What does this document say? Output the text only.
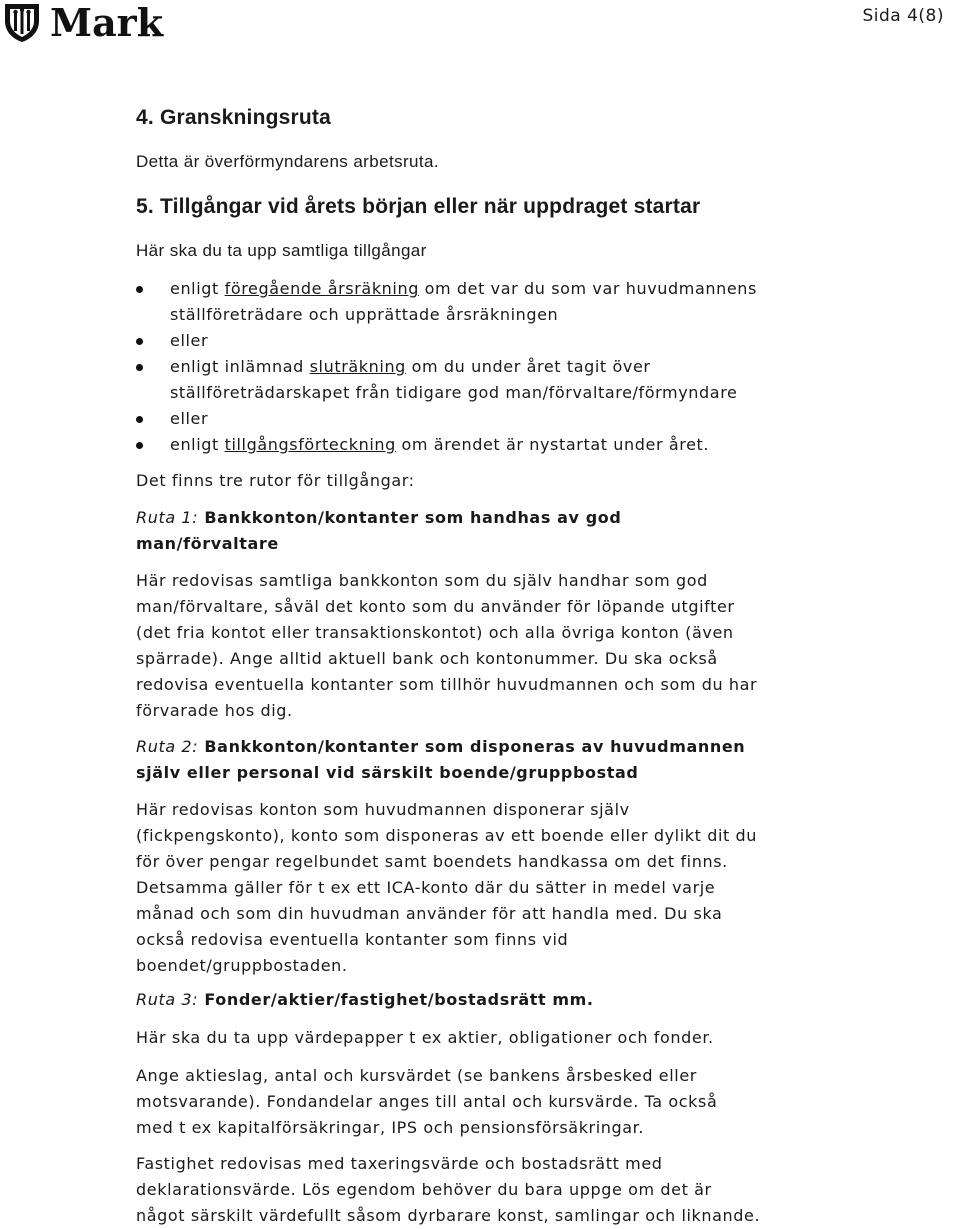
Mark	Sida 4(8)
4. Granskningsruta
Detta är överförmyndarens arbetsruta.
5. Tillgångar vid årets början eller när uppdraget startar
Här ska du ta upp samtliga tillgångar
enligt föregående årsräkning om det var du som var huvudmannens
ställföreträdare och upprättade årsräkningen
eller
enligt inlämnad sluträkning om du under året tagit över
ställföreträdarskapet från tidigare god man/förvaltare/förmyndare
eller
enligt tillgångsförteckning om ärendet är nystartat under året.
Det finns tre rutor för tillgångar:
Ruta 1: Bankkonton/kontanter som handhas av god
man/förvaltare
Här redovisas samtliga bankkonton som du själv handhar som god
man/förvaltare, såväl det konto som du använder för löpande utgifter
(det fria kontot eller transaktionskontot) och alla övriga konton (även
spärrade). Ange alltid aktuell bank och kontonummer. Du ska också
redovisa eventuella kontanter som tillhör huvudmannen och som du har
förvarade hos dig.
Ruta 2: Bankkonton/kontanter som disponeras av huvudmannen
själv eller personal vid särskilt boende/gruppbostad
Här redovisas konton som huvudmannen disponerar själv
(fickpengskonto), konto som disponeras av ett boende eller dylikt dit du
för över pengar regelbundet samt boendets handkassa om det finns.
Detsamma gäller för t ex ett ICA-konto där du sätter in medel varje
månad och som din huvudman använder för att handla med. Du ska
också redovisa eventuella kontanter som finns vid
boendet/gruppbostaden.
Ruta 3: Fonder/aktier/fastighet/bostadsrätt mm.
Här ska du ta upp värdepapper t ex aktier, obligationer och fonder.
Ange aktieslag, antal och kursvärdet (se bankens årsbesked eller
motsvarande). Fondandelar anges till antal och kursvärde. Ta också
med t ex kapitalförsäkringar, IPS och pensionsförsäkringar.
Fastighet redovisas med taxeringsvärde och bostadsrätt med
deklarationsvärde. Lös egendom behöver du bara uppge om det är
något särskilt värdefullt såsom dyrbarare konst, samlingar och liknande.
